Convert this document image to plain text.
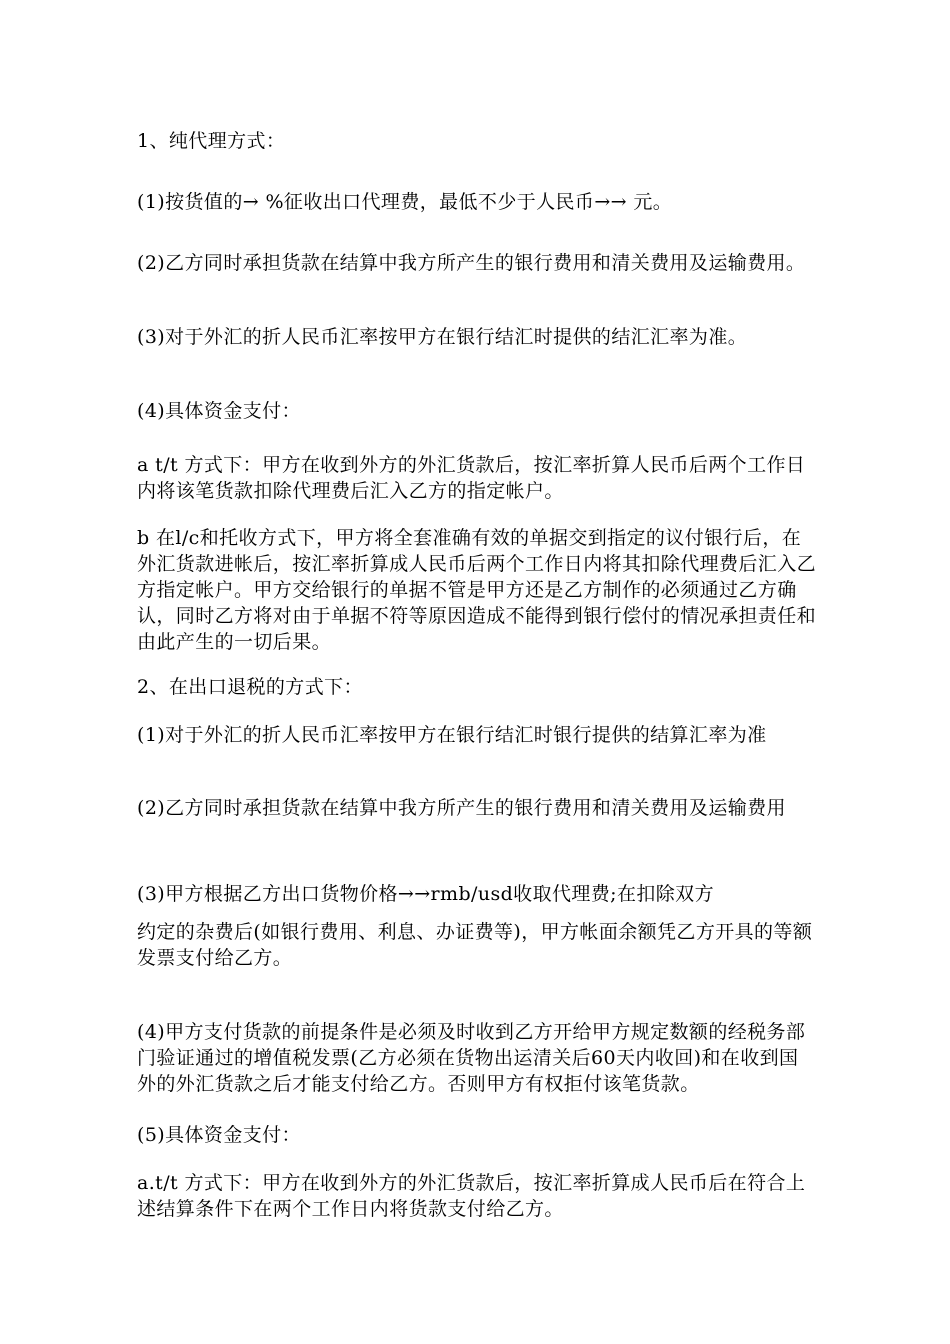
1、纯代理方式：

(1)按货值的→ %征收出口代理费，最低不少于人民币→→ 元。

(2)乙方同时承担货款在结算中我方所产生的银行费用和清关费用及运输费用。

(3)对于外汇的折人民币汇率按甲方在银行结汇时提供的结汇汇率为准。

(4)具体资金支付：

a t/t 方式下：甲方在收到外方的外汇货款后，按汇率折算人民币后两个工作日内将该笔货款扣除代理费后汇入乙方的指定帐户。

b 在l/c和托收方式下，甲方将全套准确有效的单据交到指定的议付银行后，在外汇货款进帐后，按汇率折算成人民币后两个工作日内将其扣除代理费后汇入乙方指定帐户。甲方交给银行的单据不管是甲方还是乙方制作的必须通过乙方确认，同时乙方将对由于单据不符等原因造成不能得到银行偿付的情况承担责任和由此产生的一切后果。

2、在出口退税的方式下：

(1)对于外汇的折人民币汇率按甲方在银行结汇时银行提供的结算汇率为准

(2)乙方同时承担货款在结算中我方所产生的银行费用和清关费用及运输费用

(3)甲方根据乙方出口货物价格→→rmb/usd收取代理费;在扣除双方

约定的杂费后(如银行费用、利息、办证费等)，甲方帐面余额凭乙方开具的等额发票支付给乙方。

(4)甲方支付货款的前提条件是必须及时收到乙方开给甲方规定数额的经税务部门验证通过的增值税发票(乙方必须在货物出运清关后60天内收回)和在收到国外的外汇货款之后才能支付给乙方。否则甲方有权拒付该笔货款。

(5)具体资金支付：

a.t/t 方式下：甲方在收到外方的外汇货款后，按汇率折算成人民币后在符合上述结算条件下在两个工作日内将货款支付给乙方。
